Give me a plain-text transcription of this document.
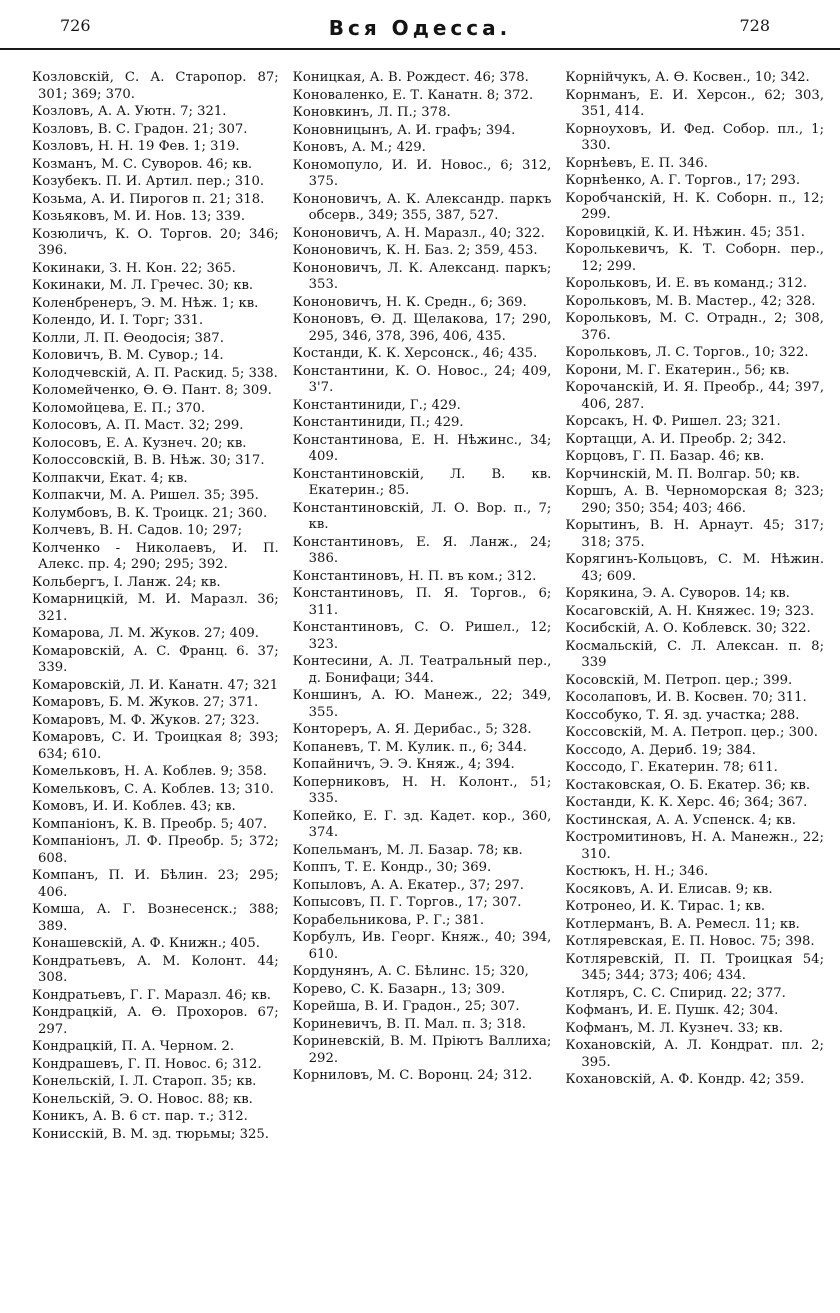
726	Вся Одесса.	728

Козловскiй, С. А. Старопор. 87; 301; 369; 370.

Козловъ, А. А. Уютн. 7; 321.

Козловъ, В. С. Градон. 21; 307.

Козловъ, Н. Н. 19 Фев. 1; 319.

Козманъ, М. С. Суворов. 46; кв.

Козубекъ. П. И. Артил. пер.; 310.

Козьма, А. И. Пирогов п. 21; 318.

Козьяковъ, М. И. Нов. 13; 339.

Козюличъ, К. О. Торгов. 20; 346; 396.

Кокинаки, З. Н. Кон. 22; 365.

Кокинаки, М. Л. Гречес. 30; кв.

Коленбренеръ, Э. М. Нѣж. 1; кв.

Колендо, И. І. Торг; 331.

Колли, Л. П. Ѳеодосiя; 387.

Коловичъ, В. М. Сувор.; 14.

Колодчевскiй, А. П. Раскид. 5; 338.

Коломейченко, Ѳ. Ѳ. Пант. 8; 309.

Коломойцева, Е. П.; 370.

Колосовъ, А. П. Маст. 32; 299.

Колосовъ, Е. А. Кузнеч. 20; кв.

Колоссовскiй, В. В. Нѣж. 30; 317.

Колпакчи, Екат. 4; кв.

Колпакчи, М. А. Ришел. 35; 395.

Колумбовъ, В. К. Троицк. 21; 360.

Колчевъ, В. Н. Садов. 10; 297;

Колченко - Николаевъ, И. П. Алекс. пр. 4; 290; 295; 392.

Кольбергъ, І. Ланж. 24; кв.

Комарницкiй, М. И. Маразл. 36; 321.

Комарова, Л. М. Жуков. 27; 409.

Комаровскiй, А. С. Франц. 6. 37; 339.

Комаровскiй, Л. И. Канатн. 47; 321

Комаровъ, Б. М. Жуков. 27; 371.

Комаровъ, М. Ф. Жуков. 27; 323.

Комаровъ, С. И. Троицкая 8; 393; 634; 610.

Комельковъ, Н. А. Коблев. 9; 358.

Комельковъ, С. А. Коблев. 13; 310.

Комовъ, И. И. Коблев. 43; кв.

Компанiонъ, К. В. Преобр. 5; 407.

Компанiонъ, Л. Ф. Преобр. 5; 372; 608.

Компанъ, П. И. Бѣлин. 23; 295; 406.

Комша, А. Г. Вознесенск.; 388; 389.

Конашевскiй, А. Ф. Книжн.; 405.

Кондратьевъ, А. М. Колонт. 44; 308.

Кондратьевъ, Г. Г. Маразл. 46; кв.

Кондрацкiй, А. Ѳ. Прохоров. 67; 297.

Кондрацкiй, П. А. Черном. 2.

Кондрашевъ, Г. П. Новос. 6; 312.

Конельскiй, І. Л. Староп. 35; кв.

Конельскiй, Э. О. Новос. 88; кв.

Коникъ, А. В. 6 ст. пар. т.; 312.

Конисскiй, В. М. зд. тюрьмы; 325.

Коницкая, А. В. Рождест. 46; 378.

Коноваленко, Е. Т. Канатн. 8; 372.

Коновкинъ, Л. П.; 378.

Коновницынъ, А. И. графъ; 394.

Коновъ, А. М.; 429.

Кономопуло, И. И. Новос., 6; 312, 375.

Кононовичъ, А. К. Александр. паркъ обсерв., 349; 355, 387, 527.

Кононовичъ, А. Н. Маразл., 40; 322.

Кононовичъ, К. Н. Баз. 2; 359, 453.

Кононовичъ, Л. К. Александ. паркъ; 353.

Кононовичъ, Н. К. Средн., 6; 369.

Кононовъ, Ѳ. Д. Щелакова, 17; 290, 295, 346, 378, 396, 406, 435.

Костанди, К. К. Херсонск., 46; 435.

Константини, К. О. Новос., 24; 409, 3'7.

Константиниди, Г.; 429.

Константиниди, П.; 429.

Константинова, Е. Н. Нѣжинс., 34; 409.

Константиновскiй, Л. В. кв. Екатерин.; 85.

Константиновскiй, Л. О. Вор. п., 7; кв.

Константиновъ, Е. Я. Ланж., 24; 386.

Константиновъ, Н. П. въ ком.; 312.

Константиновъ, П. Я. Торгов., 6; 311.

Константиновъ, С. О. Ришел., 12; 323.

Контесини, А. Л. Театральный пер., д. Бонифаци; 344.

Коншинъ, А. Ю. Манеж., 22; 349, 355.

Контореръ, А. Я. Дерибас., 5; 328.

Копаневъ, Т. М. Кулик. п., 6; 344.

Копайничъ, Э. Э. Княж., 4; 394.

Коперниковъ, Н. Н. Колонт., 51; 335.

Копейко, Е. Г. зд. Кадет. кор., 360, 374.

Копельманъ, М. Л. Базар. 78; кв.

Коппъ, Т. Е. Кондр., 30; 369.

Копыловъ, А. А. Екатер., 37; 297.

Копысовъ, П. Г. Торгов., 17; 307.

Корабельникова, Р. Г.; 381.

Корбулъ, Ив. Георг. Княж., 40; 394, 610.

Кордунянъ, А. С. Бѣлинс. 15; 320,

Корево, С. К. Базарн., 13; 309.

Корейша, В. И. Градон., 25; 307.

Кориневичъ, В. П. Мал. п. 3; 318.

Кориневскiй, В. М. Прiютъ Валлиха; 292.

Корниловъ, М. С. Воронц. 24; 312.

Корнiйчукъ, А. Ѳ. Косвен., 10; 342.

Корнманъ, Е. И. Херсон., 62; 303, 351, 414.

Корноуховъ, И. Фед. Собор. пл., 1; 330.

Корнѣевъ, Е. П. 346.

Корнѣенко, А. Г. Торгов., 17; 293.

Коробчанскiй, Н. К. Соборн. п., 12; 299.

Коровицкiй, К. И. Нѣжин. 45; 351.

Королькевичъ, К. Т. Соборн. пер., 12; 299.

Корольковъ, И. Е. въ команд.; 312.

Корольковъ, М. В. Мастер., 42; 328.

Корольковъ, М. С. Отрадн., 2; 308, 376.

Корольковъ, Л. С. Торгов., 10; 322.

Корони, М. Г. Екатерин., 56; кв.

Корочанскiй, И. Я. Преобр., 44; 397, 406, 287.

Корсакъ, Н. Ф. Ришел. 23; 321.

Кортацци, А. И. Преобр. 2; 342.

Корцовъ, Г. П. Базар. 46; кв.

Корчинскiй, М. П. Волгар. 50; кв.

Коршъ, А. В. Черноморская 8; 323; 290; 350; 354; 403; 466.

Корытинъ, В. Н. Арнаут. 45; 317; 318; 375.

Корягинъ-Кольцовъ, С. М. Нѣжин. 43; 609.

Корякина, Э. А. Суворов. 14; кв.

Косаговскiй, А. Н. Княжес. 19; 323.

Косибскiй, А. О. Коблевск. 30; 322.

Космальскiй, С. Л. Алексан. п. 8; 339

Косовскiй, М. Петроп. цер.; 399.

Косолаповъ, И. В. Косвен. 70; 311.

Коссобуко, Т. Я. зд. участка; 288.

Коссовскiй, М. А. Петроп. цер.; 300.

Коссодо, А. Дериб. 19; 384.

Коссодо, Г. Екатерин. 78; 611.

Костаковская, О. Б. Екатер. 36; кв.

Костанди, К. К. Херс. 46; 364; 367.

Костинская, А. А. Успенск. 4; кв.

Костромитиновъ, Н. А. Манежн., 22; 310.

Костюкъ, Н. Н.; 346.

Косяковъ, А. И. Елисав. 9; кв.

Котронео, И. К. Тирас. 1; кв.

Котлерманъ, В. А. Ремесл. 11; кв.

Котляревская, Е. П. Новос. 75; 398.

Котляревскiй, П. П. Троицкая 54; 345; 344; 373; 406; 434.

Котляръ, С. С. Спирид. 22; 377.

Кофманъ, И. Е. Пушк. 42; 304.

Кофманъ, М. Л. Кузнеч. 33; кв.

Кохановскiй, А. Л. Кондрат. пл. 2; 395.

Кохановскiй, А. Ф. Кондр. 42; 359.
